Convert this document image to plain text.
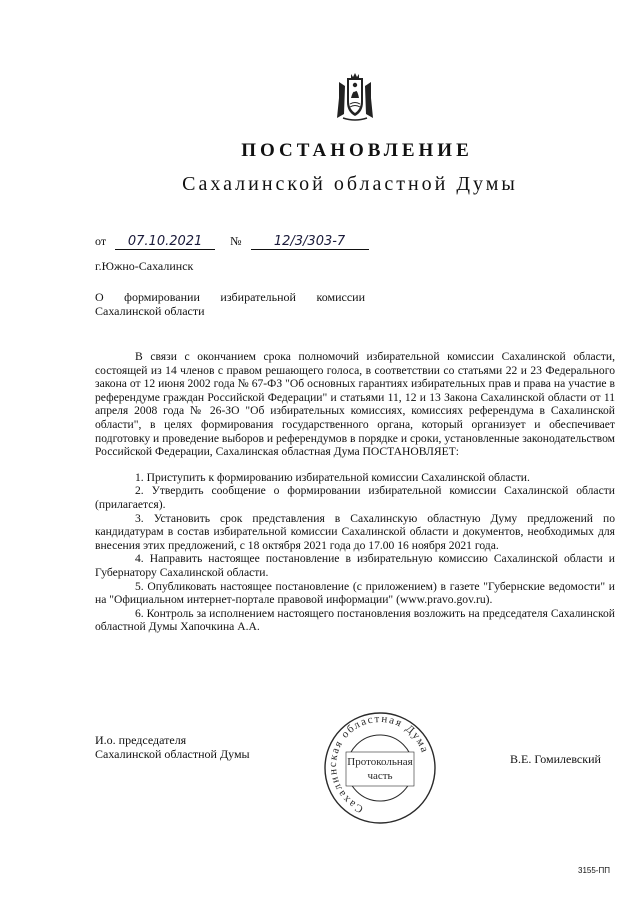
ПОСТАНОВЛЕНИЕ
Сахалинской областной Думы
от 07.10.2021 № 12/3/303-7
г.Южно-Сахалинск
О формировании избирательной комиссии
Сахалинской области

В связи с окончанием срока полномочий избирательной комиссии Сахалинской области, состоящей из 14 членов с правом решающего голоса, в соответствии со статьями 22 и 23 Федерального закона от 12 июня 2002 года № 67-ФЗ "Об основных гарантиях избирательных прав и права на участие в референдуме граждан Российской Федерации" и статьями 11, 12 и 13 Закона Сахалинской области от 11 апреля 2008 года № 26-ЗО "Об избирательных комиссиях, комиссиях референдума в Сахалинской области", в целях формирования государственного органа, который организует и обеспечивает подготовку и проведение выборов и референдумов в порядке и сроки, установленные законодательством Российской Федерации, Сахалинская областная Дума ПОСТАНОВЛЯЕТ:

1. Приступить к формированию избирательной комиссии Сахалинской области.

2. Утвердить сообщение о формировании избирательной комиссии Сахалинской области (прилагается).

3. Установить срок представления в Сахалинскую областную Думу предложений по кандидатурам в состав избирательной комиссии Сахалинской области и документов, необходимых для внесения этих предложений, с 18 октября 2021 года до 17.00 16 ноября 2021 года.

4. Направить настоящее постановление в избирательную комиссию Сахалинской области и Губернатору Сахалинской области.

5. Опубликовать настоящее постановление (с приложением) в газете "Губернские ведомости" и на "Официальном интернет-портале правовой информации" (www.pravo.gov.ru).

6. Контроль за исполнением настоящего постановления возложить на председателя Сахалинской областной Думы Хапочкина А.А.

И.о. председателя
Сахалинской областной Думы
Сахалинская областная Дума
Протокольная
часть
В.Е. Гомилевский
3155-ПП
